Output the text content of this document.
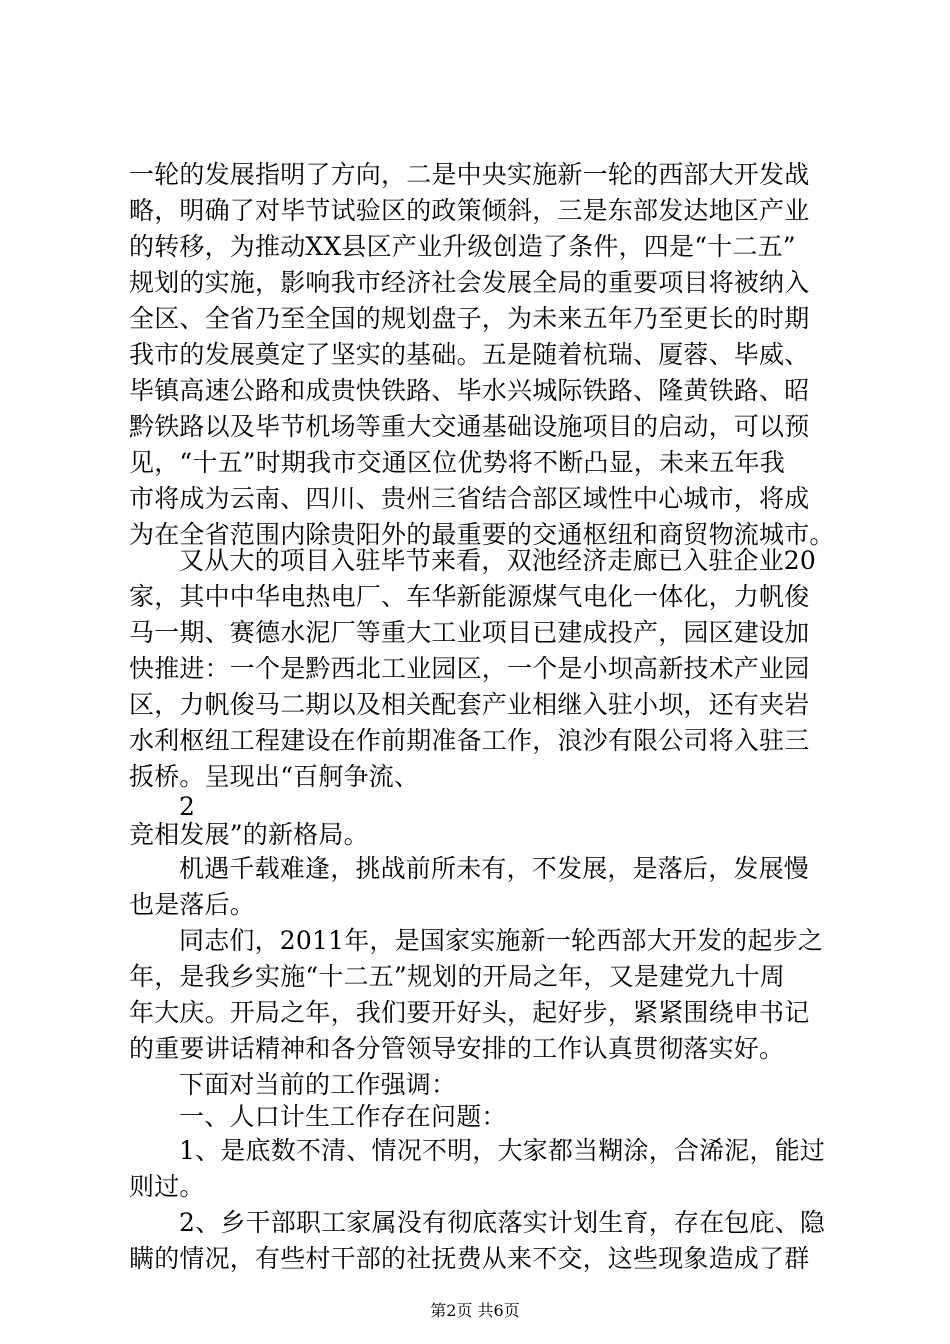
一轮的发展指明了方向，二是中央实施新一轮的西部大开发战
略，明确了对毕节试验区的政策倾斜，三是东部发达地区产业
的转移，为推动XX县区产业升级创造了条件，四是“十二五”
规划的实施，影响我市经济社会发展全局的重要项目将被纳入
全区、全省乃至全国的规划盘子，为未来五年乃至更长的时期
我市的发展奠定了坚实的基础。五是随着杭瑞、厦蓉、毕威、
毕镇高速公路和成贵快铁路、毕水兴城际铁路、隆黄铁路、昭
黔铁路以及毕节机场等重大交通基础设施项目的启动，可以预
见，“十五”时期我市交通区位优势将不断凸显，未来五年我
市将成为云南、四川、贵州三省结合部区域性中心城市，将成
为在全省范围内除贵阳外的最重要的交通枢纽和商贸物流城市。
又从大的项目入驻毕节来看，双池经济走廊已入驻企业20
家，其中中华电热电厂、车华新能源煤气电化一体化，力帆俊
马一期、赛德水泥厂等重大工业项目已建成投产，园区建设加
快推进：一个是黔西北工业园区，一个是小坝高新技术产业园
区，力帆俊马二期以及相关配套产业相继入驻小坝，还有夹岩
水利枢纽工程建设在作前期准备工作，浪沙有限公司将入驻三
扳桥。呈现出“百舸争流、
2
竞相发展”的新格局。
机遇千载难逢，挑战前所未有，不发展，是落后，发展慢
也是落后。
同志们，2011年，是国家实施新一轮西部大开发的起步之
年，是我乡实施“十二五”规划的开局之年，又是建党九十周
年大庆。开局之年，我们要开好头，起好步，紧紧围绕申书记
的重要讲话精神和各分管领导安排的工作认真贯彻落实好。
下面对当前的工作强调：
一、人口计生工作存在问题：
1、是底数不清、情况不明，大家都当糊涂，合浠泥，能过
则过。
2、乡干部职工家属没有彻底落实计划生育，存在包庇、隐
瞒的情况，有些村干部的社抚费从来不交，这些现象造成了群
第2页 共6页
